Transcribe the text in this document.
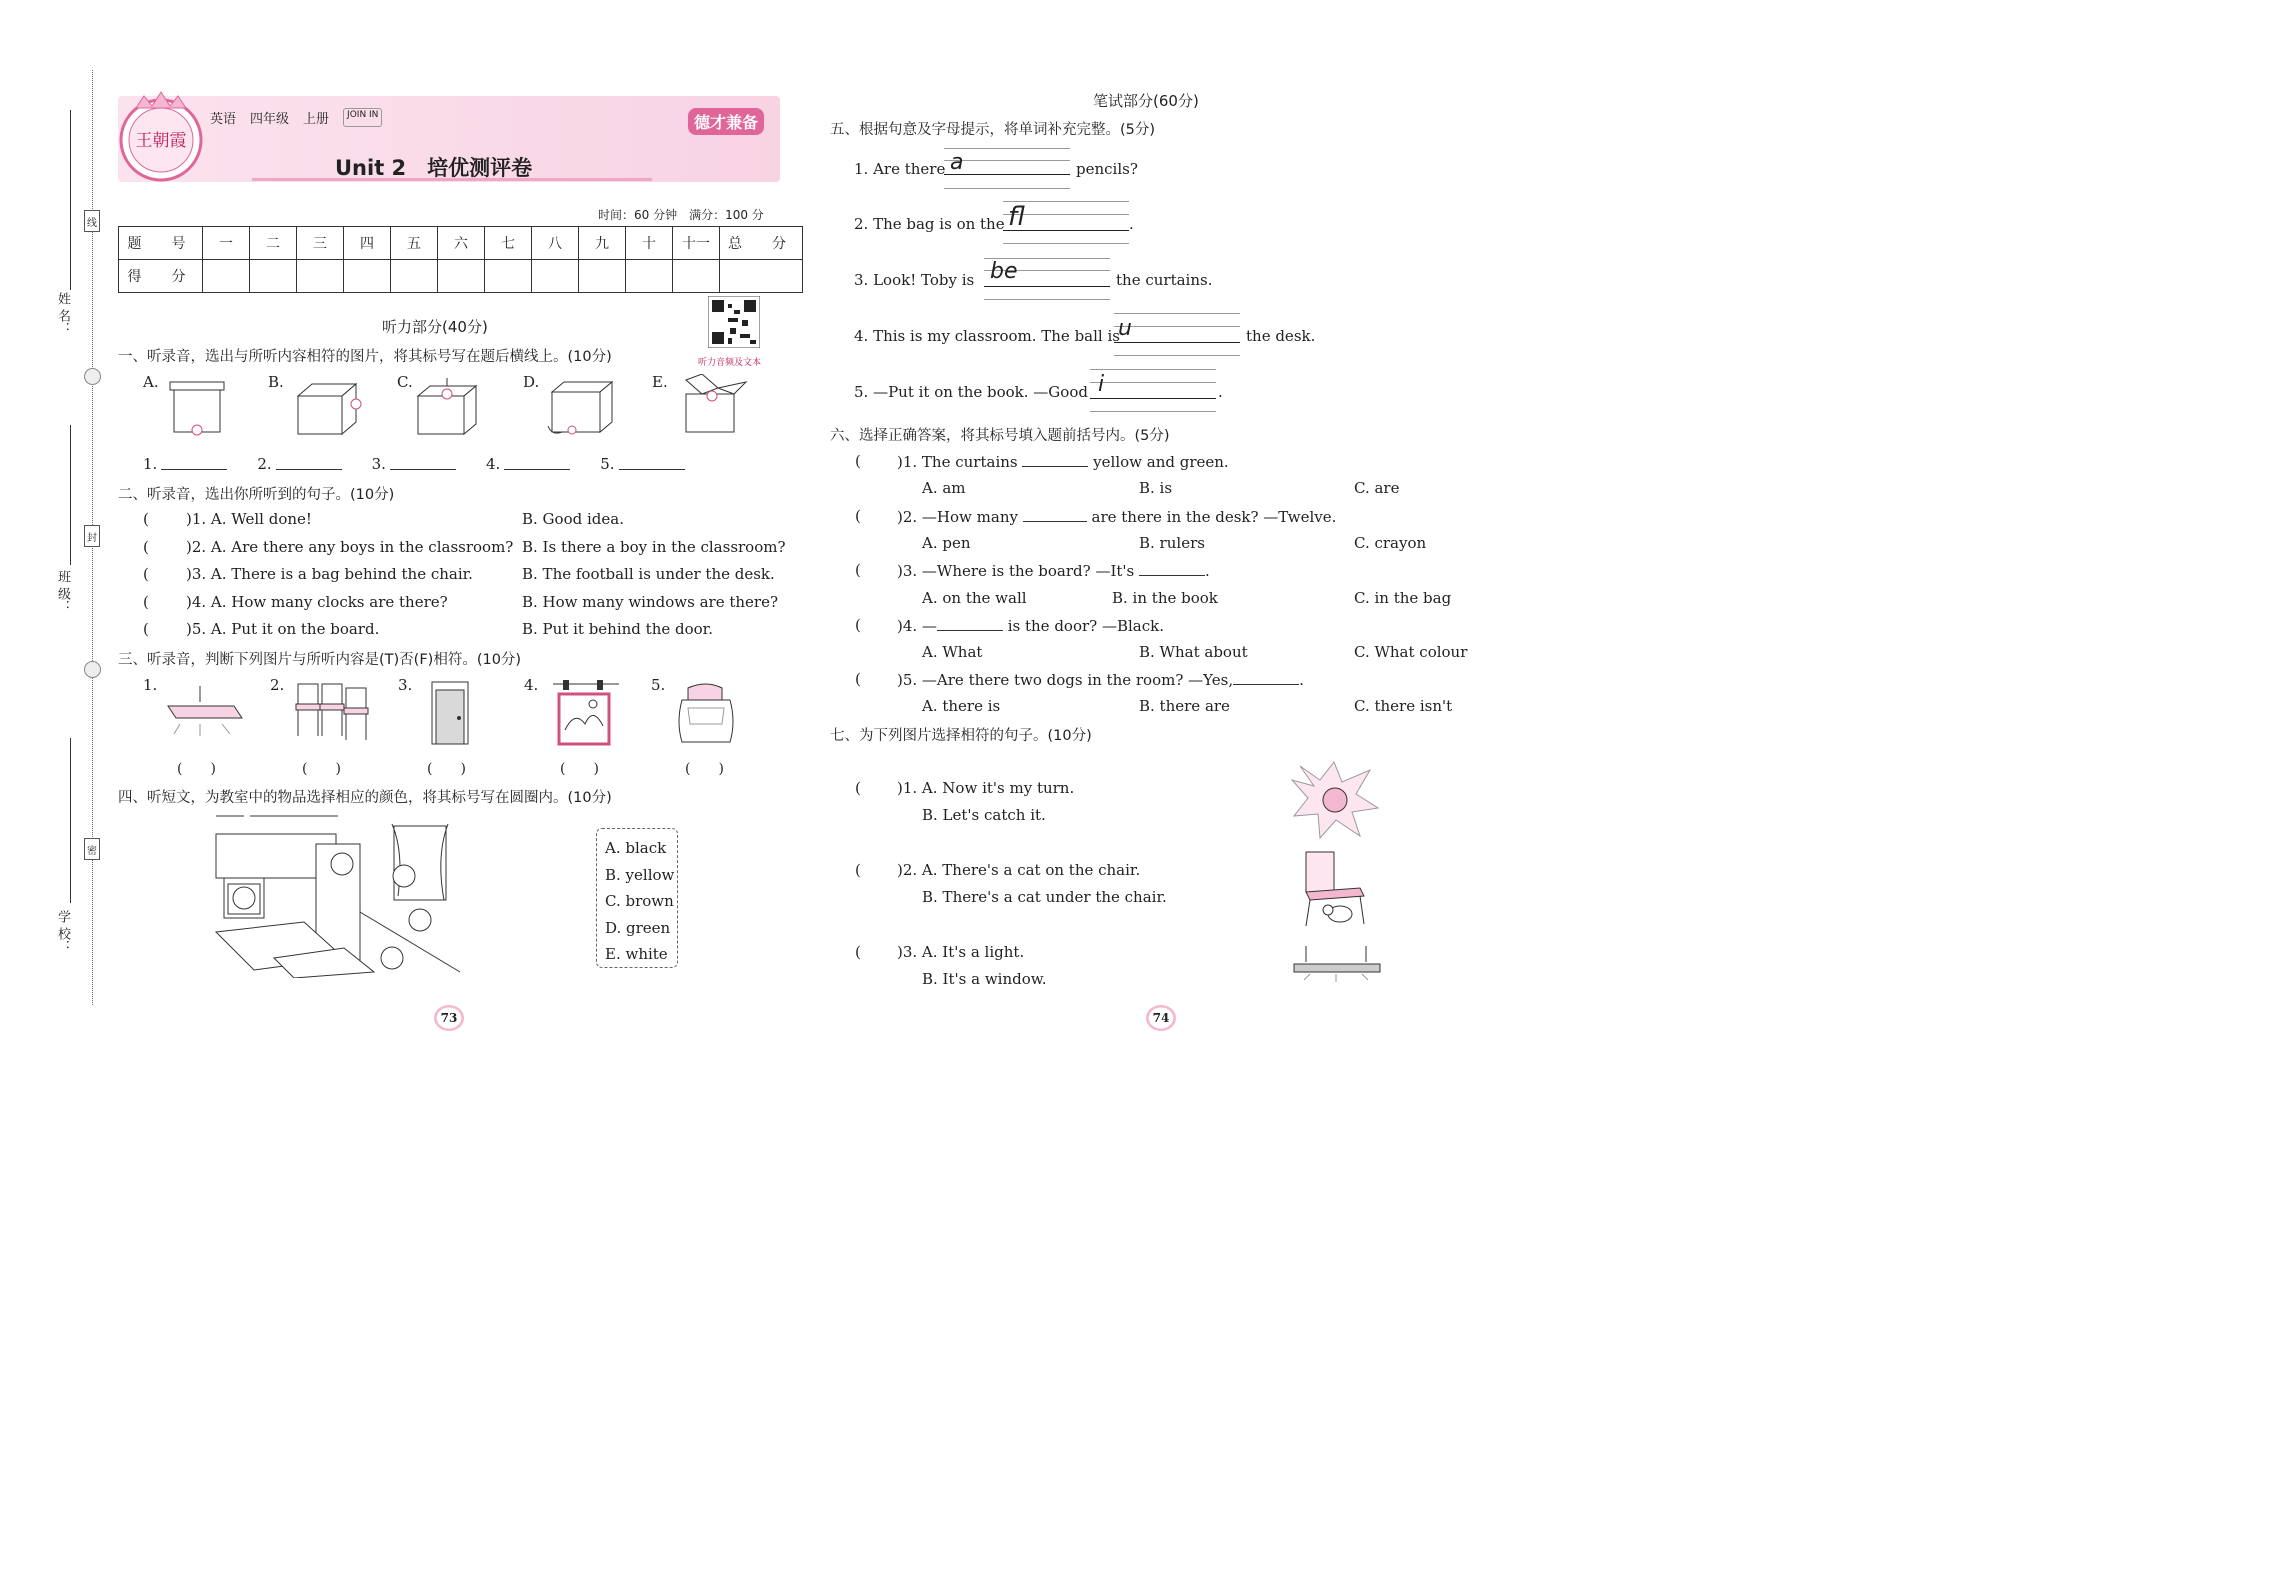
姓 名：
班 级：
学 校：
线
封
密
王朝霞
英语 四年级 上册	JOIN IN
Unit 2　培优测评卷
德才兼备
时间：60 分钟　满分：100 分
题　号	一	二	三	四	五	六	七	八	九	十	十一	总　分
得　分												
听力部分(40分)
听力音频及文本
一、听录音，选出与所听内容相符的图片，将其标号写在题后横线上。(10分)
A.	B.	C.	D.	E.
1.	2.	3.	4.	5.
二、听录音，选出你所听到的句子。(10分)
( )1. A. Well done!	B. Good idea.
( )2. A. Are there any boys in the classroom? B. Is there a boy in the classroom?
( )3. A. There is a bag behind the chair.	B. The football is under the desk.
( )4. A. How many clocks are there?	B. How many windows are there?
( )5. A. Put it on the board.	B. Put it behind the door.
三、听录音，判断下列图片与所听内容是(T)否(F)相符。(10分)
1.	2.	3.	4.	5.
(　　)	(　　)	(　　)	(　　)	(　　)
四、听短文，为教室中的物品选择相应的颜色，将其标号写在圆圈内。(10分)
A. black
B. yellow
C. brown
D. green
E. white
73
笔试部分(60分)
五、根据句意及字母提示，将单词补充完整。(5分)
1. Are there a	pencils?
2. The bag is on the fl	.
3. Look! Toby is be	the curtains.
4. This is my classroom. The ball is
u	the desk.
5. —Put it on the book. —Good i	.
六、选择正确答案，将其标号填入题前括号内。(5分)
( )1. The curtains	yellow and green.
A. am	B. is	C. are
( )2. —How many	are there in the desk? —Twelve.
A. pen	B. rulers	C. crayon
( )3. —Where is the board? —It's	.
A. on the wall	B. in the book	C. in the bag
( )4. —	is the door? —Black.
A. What	B. What about	C. What colour
( )5. —Are there two dogs in the room? —Yes,	.
A. there is	B. there are	C. there isn't
七、为下列图片选择相符的句子。(10分)
( )1. A. Now it's my turn.
B. Let's catch it.
( )2. A. There's a cat on the chair.
B. There's a cat under the chair.
( )3. A. It's a light.
B. It's a window.
74
